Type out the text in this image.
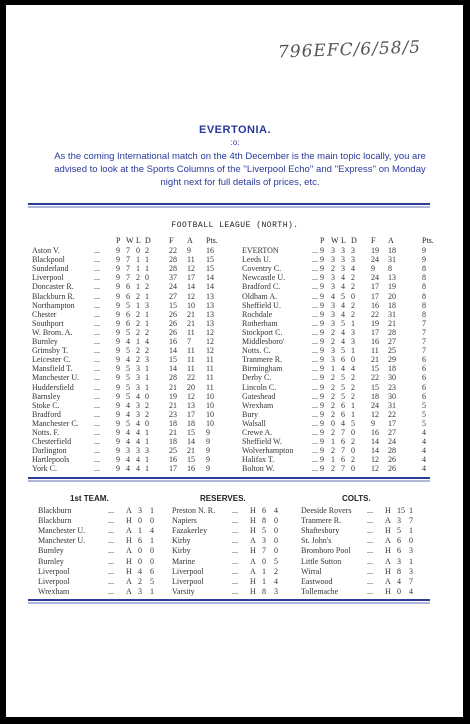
796EFC/6/58/5
EVERTONIA.
:o:
As the coming International match on the 4th December is the main topic locally, you are advised to look at the Sports Columns of the ''Liverpool Echo'' and ''Express'' on Monday night next for full details of prices, etc.
FOOTBALL LEAGUE (NORTH).
P W L D F A Pts.
Aston V.	... 9 7 0 2	22 9 16
Blackpool	... 9 7 1 1	28 11 15
Sunderland	... 9 7 1 1	28 12 15
Liverpool	... 9 7 2 0	37 17 14
Doncaster R.	... 9 6 1 2	24 14 14
Blackburn R. ... 9 6 2 1	27 12 13
Northampton ... 9 5 1 3	15 10 13
Chester	... 9 6 2 1	26 21 13
Southport	... 9 6 2 1	26 21 13
W. Brom. A.	... 9 5 2 2	26 11 12
Burnley	... 9 4 1 4	16 7 12
Grimsby T.	... 9 5 2 2	14 11 12
Leicester C.	... 9 4 2 3	15 11 11
Mansfield T.	... 9 5 3 1	14 11 11
Manchester U. ... 9 5 3 1	28 22 11
Huddersfield	... 9 5 3 1	21 20 11
Barnsley	... 9 5 4 0	19 12 10
Stoke C.	... 9 4 3 2	21 13 10
Bradford	... 9 4 3 2	23 17 10
Manchester C. ... 9 5 4 0	18 18 10
Notts. F.	... 9 4 4 1	21 15 9
Chesterfield	... 9 4 4 1	18 14 9
Darlington	... 9 3 3 3	25 21 9
Hartlepools	... 9 4 4 1	16 15 9
York C.	... 9 4 4 1	17 16 9
P W L D F A	Pts.
EVERTON	... 9 3 3 3 19 18	9
Leeds U.	... 9 3 3 3 24 31	9
Coventry C.	... 9 2 3 4 9 8	8
Newcastle U.	... 9 3 4 2 24 13	8
Bradford C.	... 9 3 4 2 17 19	8
Oldham A.	... 9 4 5 0 17 20	8
Sheffield U.	... 9 3 4 2 16 18	8
Rochdale	... 9 3 4 2 22 31	8
Rotherham	... 9 3 5 1 19 21	7
Stockport C.	... 9 2 4 3 17 28	7
Middlesboro'	... 9 2 4 3 16 27	7
Notts. C.	... 9 3 5 1 11 25	7
Tranmere R.	... 9 3 6 0 21 29	6
Birmingham	... 9 1 4 4 15 18	6
Derby C.	... 9 2 5 2 22 30	6
Lincoln C.	... 9 2 5 2 15 23	6
Gateshead	... 9 2 5 2 18 30	6
Wrexham	... 9 2 6 1 24 31	5
Bury	... 9 2 6 1 12 22	5
Walsall	... 9 0 4 5 9 17	5
Crewe A.	... 9 2 7 0 16 27	4
Sheffield W.	... 9 1 6 2 14 24	4
Wolverhampton ... 9 2 7 0 14 28	4
Halifax T.	... 9 1 6 2 12 26	4
Bolton W.	... 9 2 7 0 12 26	4
1st TEAM.	RESERVES.	COLTS.
Blackburn	... A 3 1
Blackburn	... H 0 0
Manchester U.	... A 1 4
Manchester U.	... H 6 1
Burnley	... A 0 0
Burnley	... H 0 0
Liverpool	... H 4 6
Liverpool	... A 2 5
Wrexham	... A 3 1
Preston N. R. ... H 6 4
Napiers	... H 8 0
Fazakerley	... H 5 0
Kirby	... A 3 0
Kirby	... H 7 0
Marine	... A 0 5
Liverpool	... A 1 2
Liverpool	... H 1 4
Varsity	... H 8 3
Deeside Rovers ... H 15 1
Tranmere R.	... A 3 7
Shaftesbury	... H 5 1
St. John's	... A 6 0
Bromboro Pool ... H 6 3
Little Sutton	... A 3 1
Wirral	... H 8 3
Eastwood	... A 4 7
Tollemache	... H 0 4
